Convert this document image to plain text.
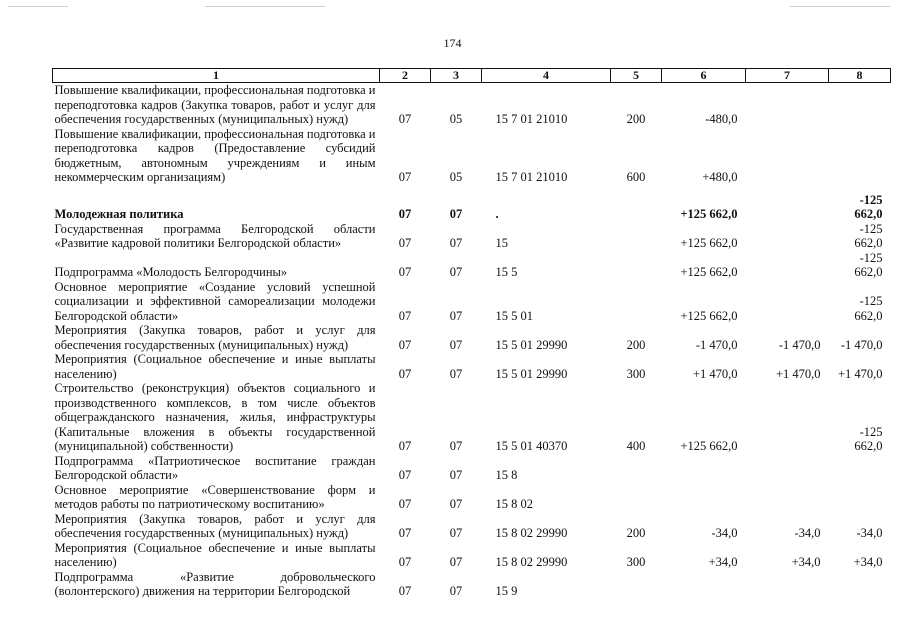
174
1	2	3	4	5	6	7	8
Повышение квалификации, профессиональная подготовка и переподготовка кадров (Закупка товаров, работ и услуг для обеспечения государственных (муниципальных) нужд)	07	05	15 7 01 21010	200	-480,0		
Повышение квалификации, профессиональная подготовка и переподготовка кадров (Предоставление субсидий бюджетным, автономным учреждениям и иным некоммерческим организациям)	07	05	15 7 01 21010	600	+480,0		
Молодежная политика	07	07	.		+125 662,0		-125 662,0
Государственная программа Белгородской области «Развитие кадровой политики Белгородской области»	07	07	15		+125 662,0		-125 662,0
Подпрограмма «Молодость Белгородчины»	07	07	15 5		+125 662,0		-125 662,0
Основное мероприятие «Создание условий успешной социализации и эффективной самореализации молодежи Белгородской области»	07	07	15 5 01		+125 662,0		-125 662,0
Мероприятия (Закупка товаров, работ и услуг для обеспечения государственных (муниципальных) нужд)	07	07	15 5 01 29990	200	-1 470,0	-1 470,0	-1 470,0
Мероприятия (Социальное обеспечение и иные выплаты населению)	07	07	15 5 01 29990	300	+1 470,0	+1 470,0	+1 470,0
Строительство (реконструкция) объектов социального и производственного комплексов, в том числе объектов общегражданского назначения, жилья, инфраструктуры (Капитальные вложения в объекты государственной (муниципальной) собственности)	07	07	15 5 01 40370	400	+125 662,0		-125 662,0
Подпрограмма «Патриотическое воспитание граждан Белгородской области»	07	07	15 8				
Основное мероприятие «Совершенствование форм и методов работы по патриотическому воспитанию»	07	07	15 8 02				
Мероприятия (Закупка товаров, работ и услуг для обеспечения государственных (муниципальных) нужд)	07	07	15 8 02 29990	200	-34,0	-34,0	-34,0
Мероприятия (Социальное обеспечение и иные выплаты населению)	07	07	15 8 02 29990	300	+34,0	+34,0	+34,0
Подпрограмма «Развитие добровольческого (волонтерского) движения на территории Белгородской	07	07	15 9				
